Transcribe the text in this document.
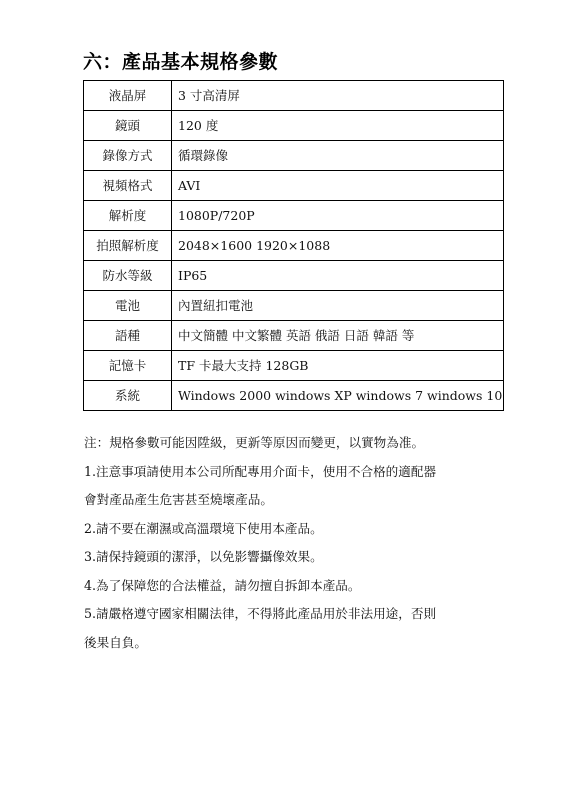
六：產品基本規格參數
液晶屏	3 寸高清屏
鏡頭	120 度
錄像方式	循環錄像
視頻格式	AVI
解析度	1080P/720P
拍照解析度	2048×1600 1920×1088
防水等級	IP65
電池	內置紐扣電池
語種	中文簡體 中文繁體 英語 俄語 日語 韓語 等
記憶卡	TF 卡最大支持 128GB
系統	Windows 2000 windows XP windows 7 windows 10

注：規格參數可能因陞級，更新等原因而變更，以實物為准。

1.注意事項請使用本公司所配專用介面卡，使用不合格的適配器

會對產品產生危害甚至燒壞產品。

2.請不要在潮濕或高溫環境下使用本產品。

3.請保持鏡頭的潔淨，以免影響攝像效果。

4.為了保障您的合法權益，請勿擅自拆卸本產品。

5.請嚴格遵守國家相關法律，不得將此產品用於非法用途，否則

後果自負。
